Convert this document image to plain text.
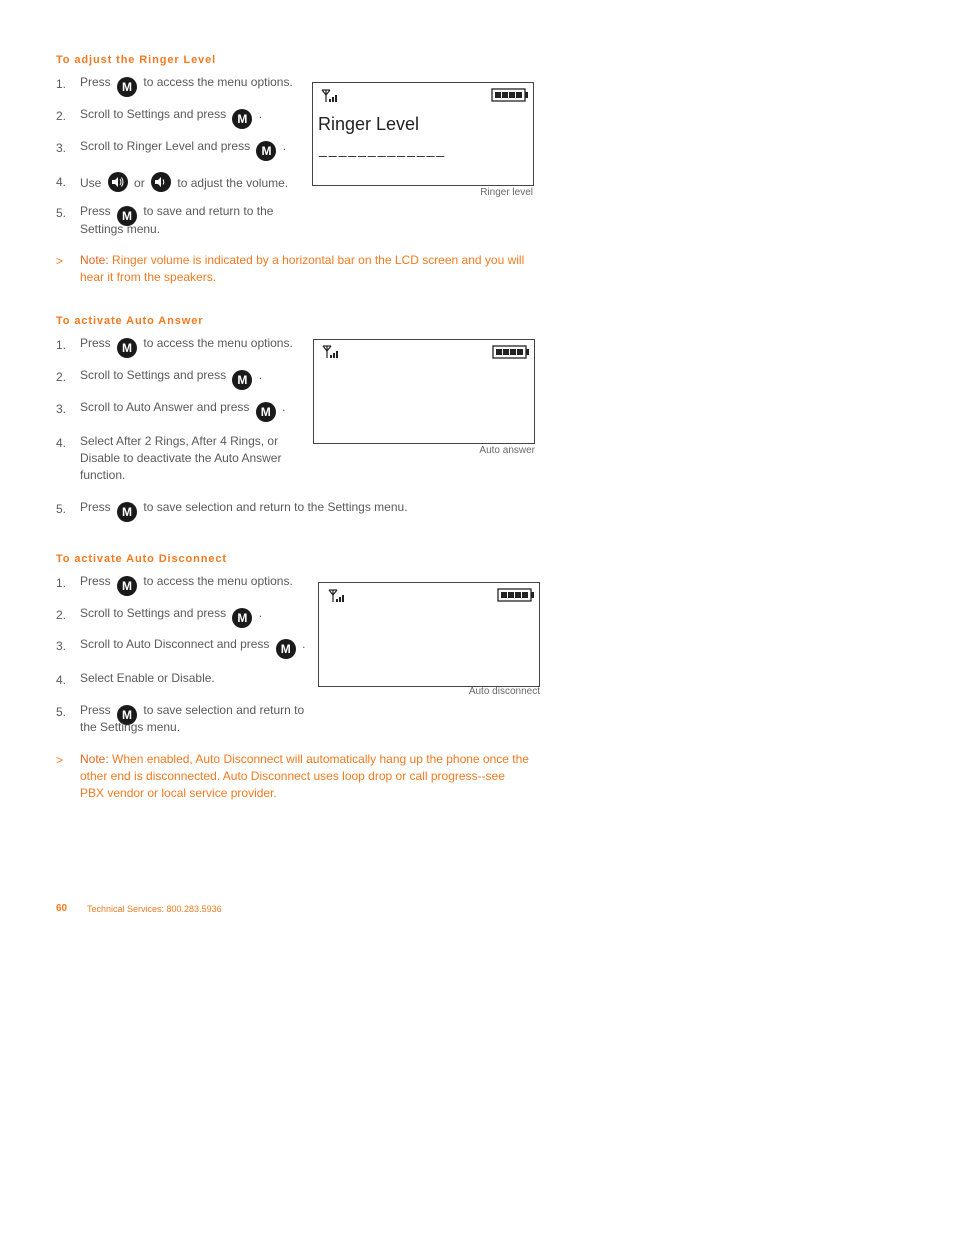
To adjust the Ringer Level
1. Press M to access the menu options.
2. Scroll to Settings and press M .
3. Scroll to Ringer Level and press M .
4. Use	or	to adjust the volume.
5. Press M to save and return to the
Settings menu.
> Note: Ringer volume is indicated by a horizontal bar on the LCD screen and you will
hear it from the speakers.
Ringer Level
_____________
Ringer level
To activate Auto Answer
1. Press M to access the menu options.
2. Scroll to Settings and press M .
3. Scroll to Auto Answer and press M .
4. Select After 2 Rings, After 4 Rings, or
Disable to deactivate the Auto Answer
function.
5. Press M to save selection and return to the Settings menu.
Auto answer
To activate Auto Disconnect
1. Press M to access the menu options.
2. Scroll to Settings and press M .
3. Scroll to Auto Disconnect and press M .
4. Select Enable or Disable.
5. Press M to save selection and return to
the Settings menu.
> Note: When enabled, Auto Disconnect will automatically hang up the phone once the
other end is disconnected. Auto Disconnect uses loop drop or call progress--see
PBX vendor or local service provider.
Auto disconnect
60 Technical Services: 800.283.5936
